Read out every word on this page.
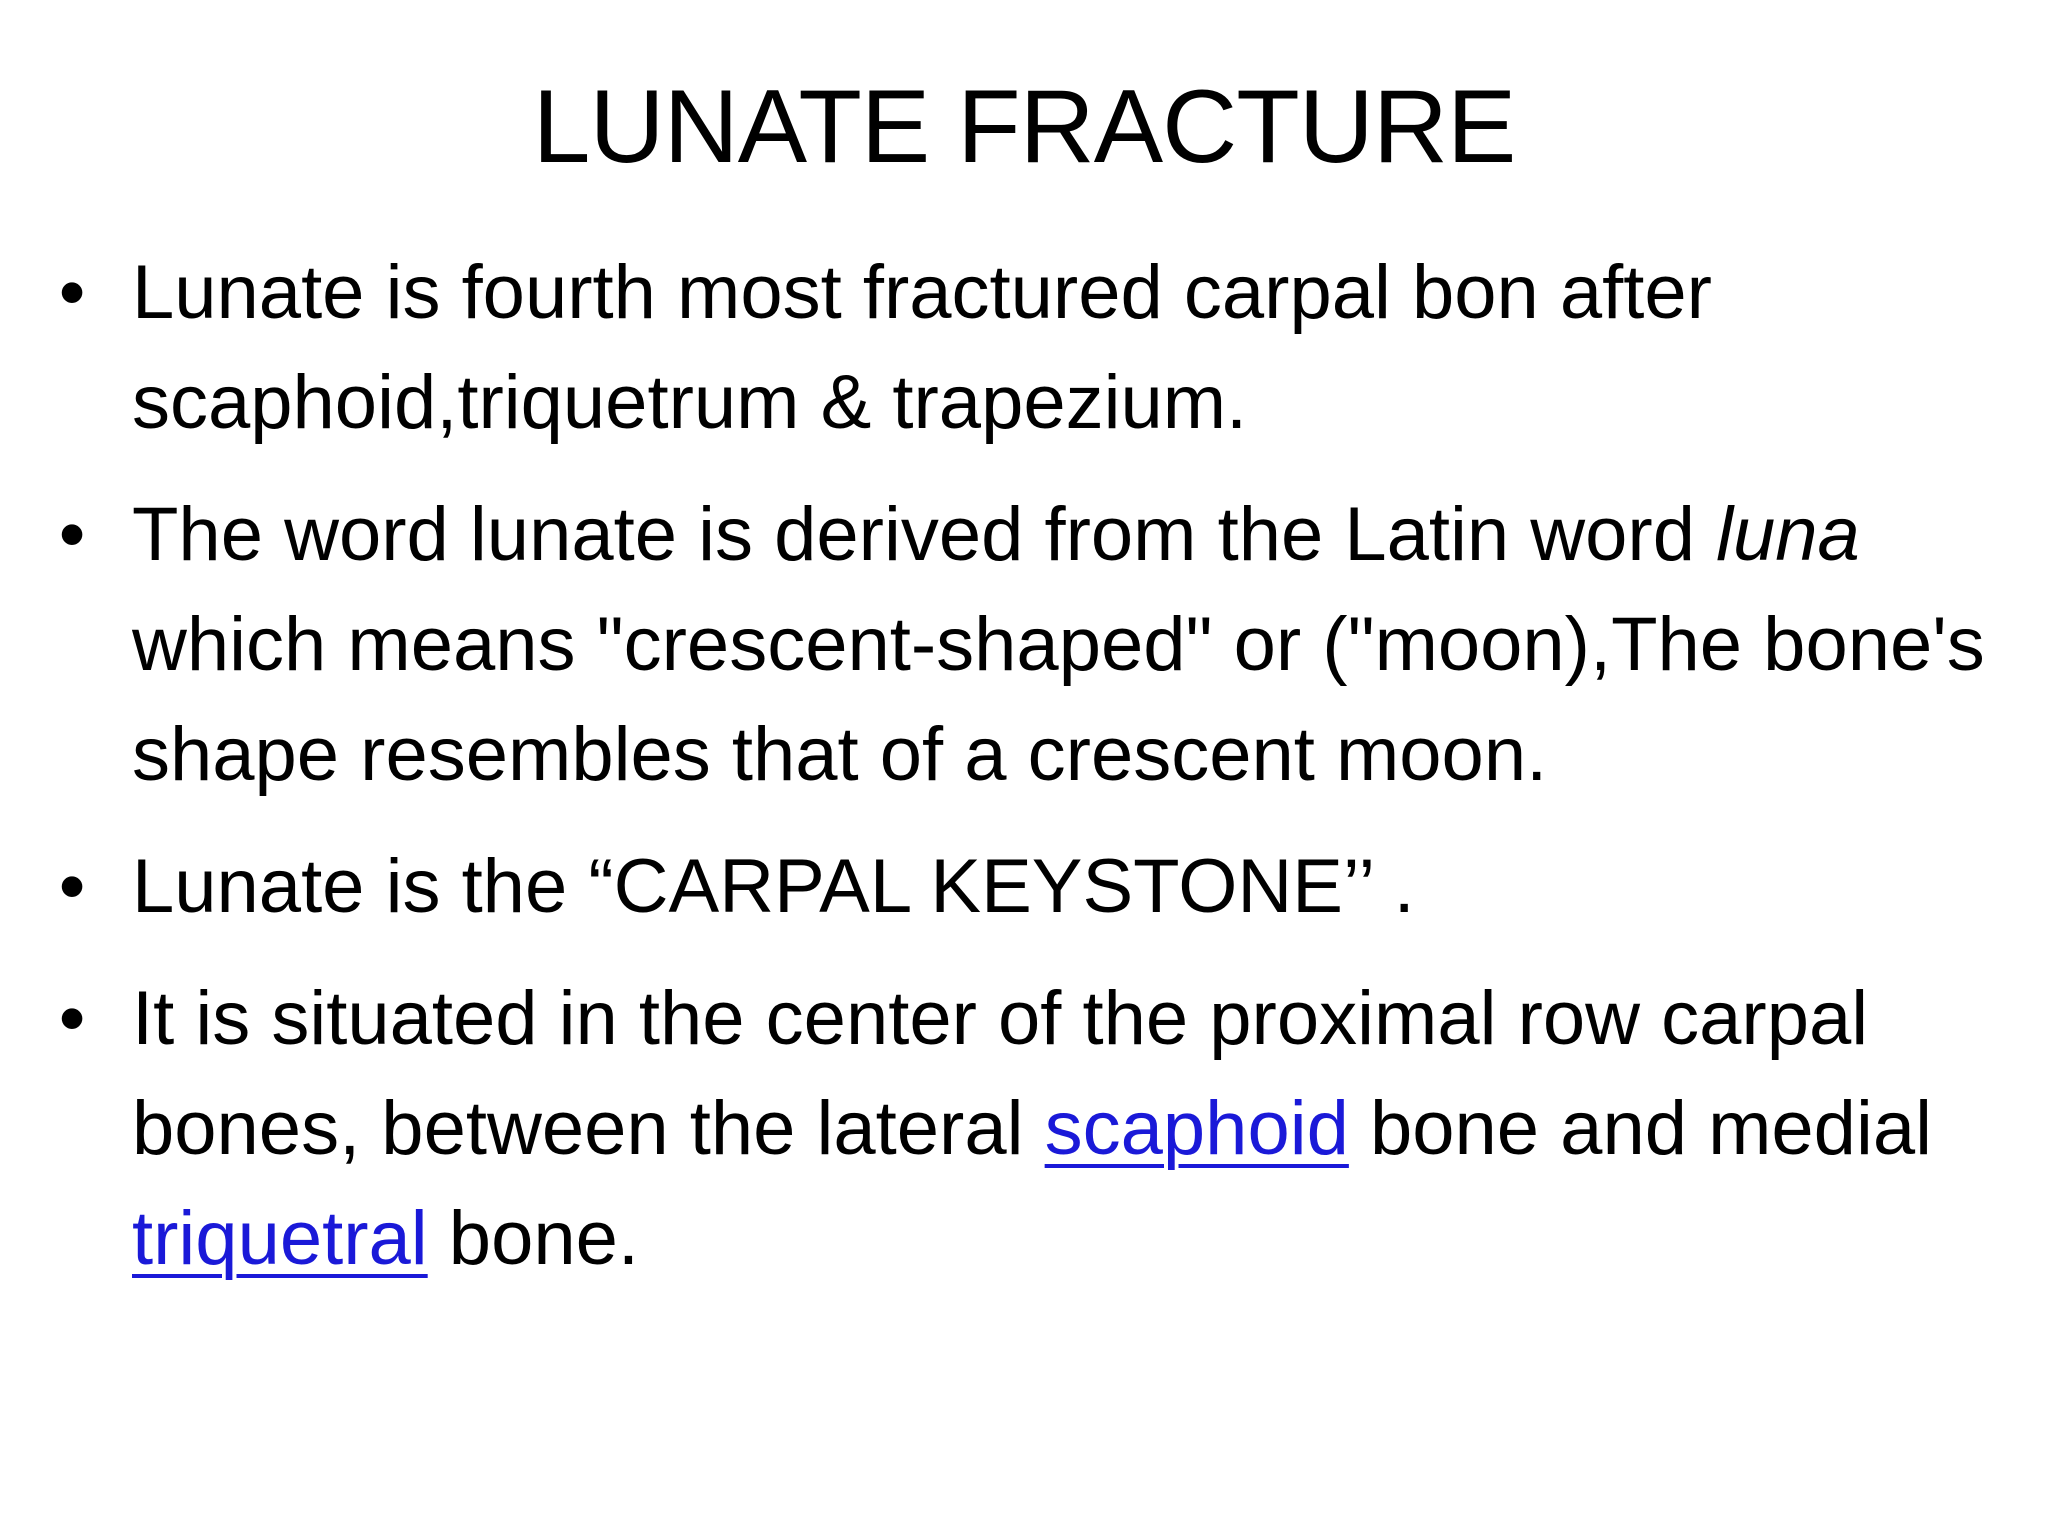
LUNATE FRACTURE
• Lunate is fourth most fractured carpal bon after scaphoid,triquetrum & trapezium.
• The word lunate is derived from the Latin word luna which means "crescent-shaped" or ("moon),The bone's shape resembles that of a crescent moon.
• Lunate is the “CARPAL KEYSTONE’’ .
• It is situated in the center of the proximal row carpal bones, between the lateral scaphoid bone and medial triquetral bone.
